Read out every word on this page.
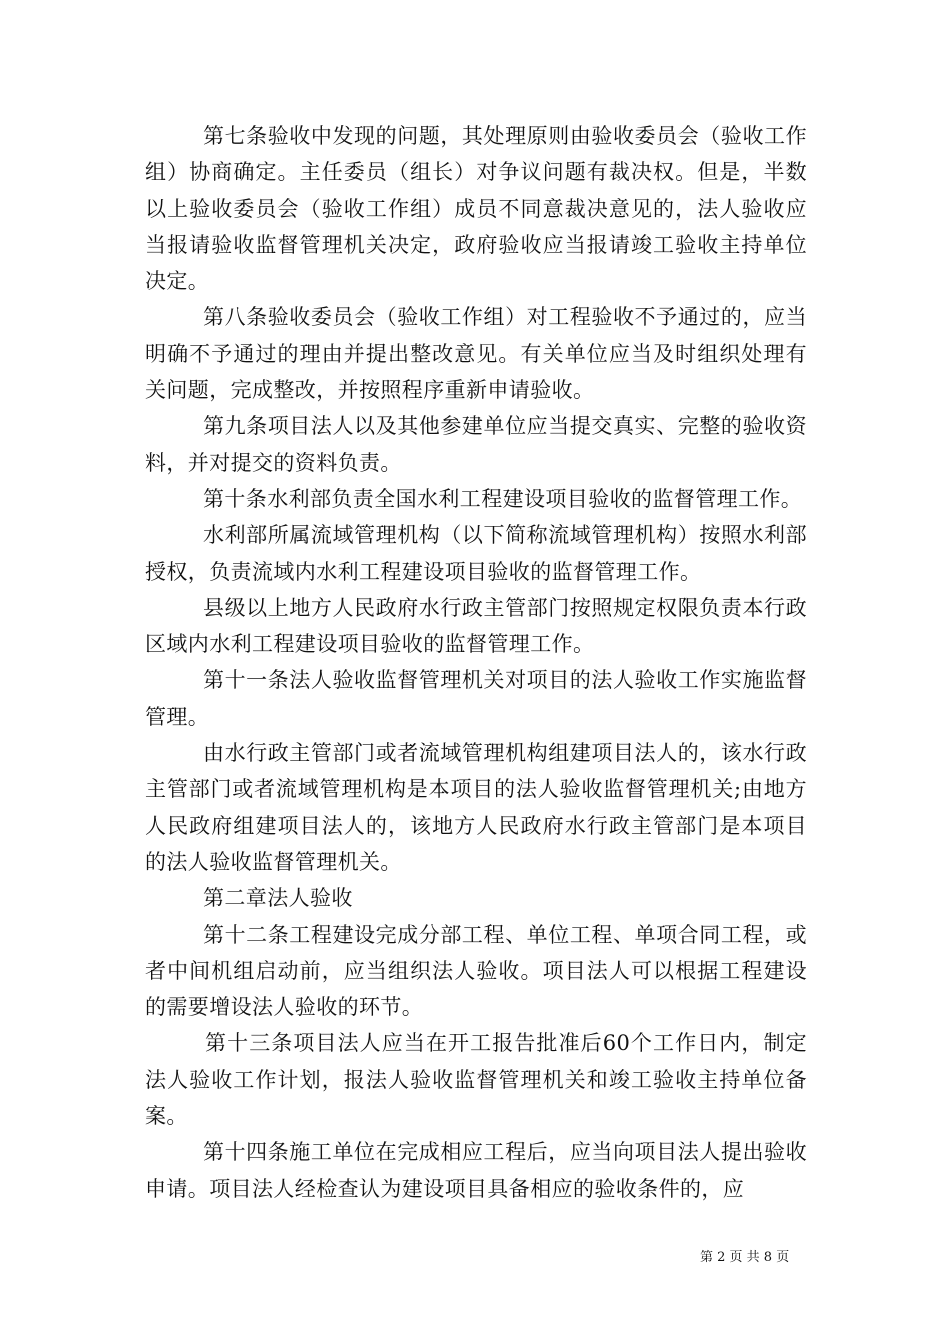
第七条验收中发现的问题，其处理原则由验收委员会（验收工作组）协商确定。主任委员（组长）对争议问题有裁决权。但是，半数以上验收委员会（验收工作组）成员不同意裁决意见的，法人验收应当报请验收监督管理机关决定，政府验收应当报请竣工验收主持单位决定。

第八条验收委员会（验收工作组）对工程验收不予通过的，应当明确不予通过的理由并提出整改意见。有关单位应当及时组织处理有关问题，完成整改，并按照程序重新申请验收。

第九条项目法人以及其他参建单位应当提交真实、完整的验收资料，并对提交的资料负责。

第十条水利部负责全国水利工程建设项目验收的监督管理工作。

水利部所属流域管理机构（以下简称流域管理机构）按照水利部授权，负责流域内水利工程建设项目验收的监督管理工作。

县级以上地方人民政府水行政主管部门按照规定权限负责本行政区域内水利工程建设项目验收的监督管理工作。

第十一条法人验收监督管理机关对项目的法人验收工作实施监督管理。

由水行政主管部门或者流域管理机构组建项目法人的，该水行政主管部门或者流域管理机构是本项目的法人验收监督管理机关;由地方人民政府组建项目法人的，该地方人民政府水行政主管部门是本项目的法人验收监督管理机关。

第二章法人验收

第十二条工程建设完成分部工程、单位工程、单项合同工程，或者中间机组启动前，应当组织法人验收。项目法人可以根据工程建设的需要增设法人验收的环节。

第十三条项目法人应当在开工报告批准后60个工作日内，制定法人验收工作计划，报法人验收监督管理机关和竣工验收主持单位备案。

第十四条施工单位在完成相应工程后，应当向项目法人提出验收申请。项目法人经检查认为建设项目具备相应的验收条件的，应

第 2 页 共 8 页
